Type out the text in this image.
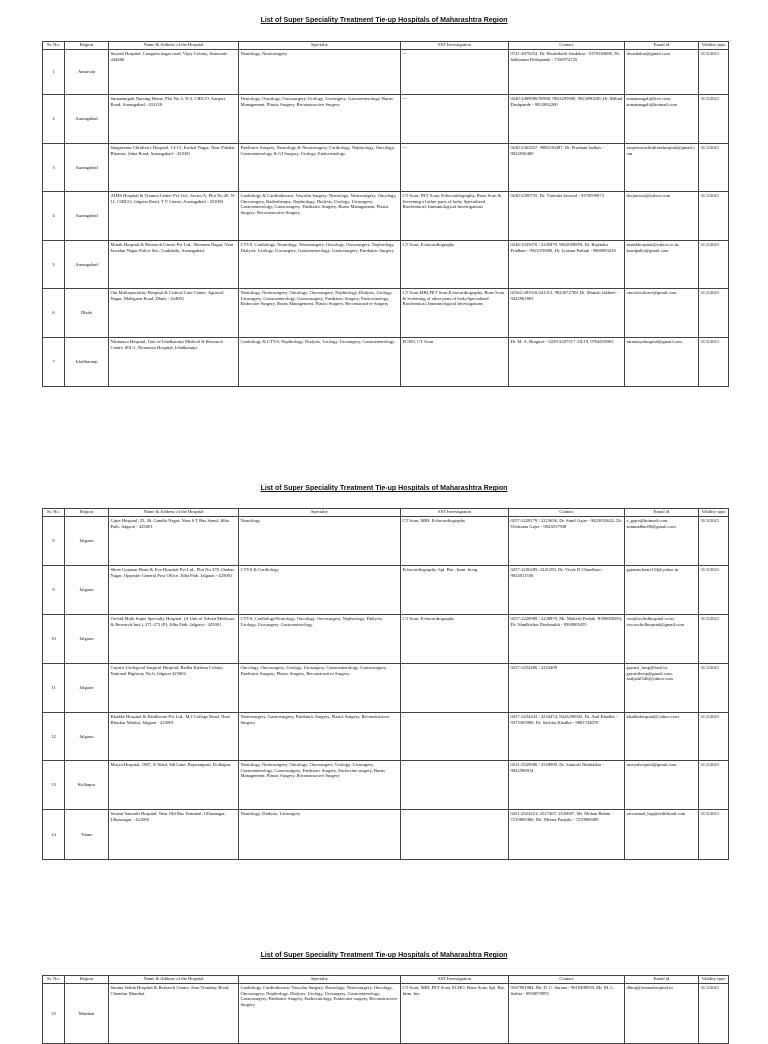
List of Super Speciality Treatment Tie-up Hospitals of Maharashtra Region
Sr. No.	Region	Name & Address of the Hospital	Specialty	SST Investigation	Contact	Email id	Validity upto
1	Amravati	Suyash Hospital, Congress nagar road, Vijay Colony, Amravati-444606	Neurology, Neurosurgery	---	0721-2679252, Dr. Hrushikesh Sasdakar - 9370184080, Dr. Sakharam Deshpande - 7350974725	drsasdakar@gmail.com	31/3/2021
2	Aurangabad	Sumanangali Nursing Home, Plot No.3, N-2, CIDCO, Aarport Road, Aurangabad - 431210	Neurology, Oncology, Oncosurgery, Urology, Urosurgery, Gastroenterology, Burns Management, Plastic Surgery, Reconstructive Surgery	---	0240-2489906/95900, 9823295900, 9823090249, Dr. Milind Deshpande - 9923002200	sumanangali@live.com, sumanangali@hotmail.com	31/3/2021
3	Aurangabad	Sangeevani Children's Hospital, 14-15, Kushal Nagar, Near Paladar Bhawan, Jalna Road, Aurangabad - 431001	Paediatric Surgery, Neurology & Neurosurgery, Cardiology, Nephrology, Oncology, Gastroenterology & GI Surgery, Urology, Endocrinology	---	0240-2363457, 9980150487, Dr. Prashant Jadhav - 9822036400	sanjeevanichildrenshospital@gmail.com	31/3/2021
4	Aurangabad	AIMS Hospital & Trauma Center Pvt Ltd., Sector A, Plot No.20, N-11, CIDCO, Jalgaon Road, T V Center, Aurangabad - 431003	Cardiology & Cardiothoracic Vascular Surgery, Neurology, Neurosurgery, Oncology, Oncosurgery, Radiotherapy, Nephrology, Dialysis, Urology, Urosurgery, Gastroenterology, Gastrosurgery, Paediatric Surgery, Burns Management, Plastic Surgery, Reconstructive Surgery	CT Scan, PET Scan, Echocardiography, Bone Scan & Screening of other parts of body, Specialized Biochemical, Immunological Investigations	0240-2390755, Dr. Virendra Jaiswal - 9370590973	drvjaiswal@yahoo.com	31/3/2021
5	Aurangabad	Manik Hospital & Research Center Pvt Ltd., Shivnam Nagar, Near Jawahar Nagar Police Stn., Garkheda, Aurangabad.	CTVS, Cardiology, Neurology, Neurosurgery, Oncology, Oncosurgery, Nephrology, Dialysis, Urology, Urosurgery, Gastroenterology, Gastrosurgery, Paediatric Surgery	CT Scan, Echocardiography	0240-2335070 / 2345879, 9822058859, Dr. Rajendra Pradhan - 9923370000, Dr. Jyotsna Pathak - 9860083210	manikhospital@yahoo.co.in, kondpallo@gmail.com	31/3/2021
6	Dhule	Om Multispeciality Hospital & Critical Care Center, Agrawal Nagar, Malegaon Road, Dhule - 424001	Neurology, Neurosurgery, Oncology, Oncosurgery, Nephrology, Dialysis, Urology, Urosurgery, Gastroenterology, Gastrosurgery, Paediatric Surgery, Endocrinology, Endocrine Surgery, Burns Management, Plastic Surgery, Reconstructive Surgery	CT Scan,MRI,PET Scan,Echocardiography, Bone Scan & Screening of other parts of body,Specialized Biochemical, Immunological Investigations	02562-283316/241313, 9823072788, Dr. Manish Jakhete - 9422961803	omcriticalcare@gmail.com	31/3/2021
7	Ichalkaranji	Niramaya Hospital, Unit of Ichalkaranji Medical & Research Centre, 801/1, Niramaya Hospital, Ichalkaranji.	Cardiology & CTVS, Nephrology, Dialysis, Urology, Urosurgery, Gastroenterology	ECHO, CT Scan	Dr. M. A. Borgave - 0230-2437517 /18/19, 9764019003	niramayahospital@gmail.com	31/3/2021
List of Super Speciality Treatment Tie-up Hospitals of Maharashtra Region
Sr. No.	Region	Name & Address of the Hospital	Specialty	SST Investigation	Contact	Email id	Validity upto
8	Jalgaon	Gajre Hospital, 25, 26, Gandhi Nagar, Near S T Bus Stand, Jilha Path, Jalgaon - 425001	Neurology	CT Scan, MRI, Echocardiography	0257-2228179 / 2223656, Dr. Sunil Gajre - 9823032622, Dr. Tilottama Gajre - 9823017938	s_gajre@hotmail.com, sunmadhav86@gmail.com	31/3/2021
9	Jalgaon	Shree Gajanan Heart & Eye Hospital Pvt Ltd., Plot No.370, Omkar Nagar, Opposite General Post Office, Jilha Path, Jalgaon - 425001	CTVS & Cardiology	Echocardiography, Spl. Bio., Imm. Invtg	0257-2236285/ 2241293, Dr. Vivek D Chaudhari - 9823011550	gajanan.heart134@yahoo.in	31/3/2021
10	Jalgaon	Orchid Multi Super Specialty Hospital, (A Unit of Advait Medicare & Research Inst.), 271-272 (P), Jilha Path, Jalgaon - 425001	CTVS, CardiologyNeurology, Oncology, Oncosurgery, Nephrology, Dialysis, Urology, Urosurgery, Gastroenterology	CT Scan, Echocardiography	0257-2228989 / 2228970, Mr. Mukesh Pathak -8390000283, Dr. Nandkishor Deshmukh - 8390005455	ceo@orchidhospital.co.in, ceo.orchidhospital@gmail.com	31/3/2021
11	Jalgaon	Gayatri Urological Surgical Hospital, Radha Krishna Colony, National Highway No.6, Jalgaon 425002	Oncology, Oncosurgery, Urology, Urosurgery, Gastroenterology, Gastrosurgery, Paediatric Surgery, Plastic Surgery, Reconstructive Surgery	-	0257-2254406 / 2254409	gayatri_hosp@bsnl.in, gayatrihosp@gmail.com, anilpatil346@yahoo.com	31/3/2021
12	Jalgaon	Khadke Hospital & Healthcare Pvt Ltd., M J College Road, Near Bhaskar Market, Jalgaon - 425001	Neurosurgery, Gastrosurgery, Paediatric Surgery, Plastic Surgery, Reconstructive Surgery	-	0257-2234443 / 2234474, 9423296945, Dr. Anil Khadke - 9373365980, Dr. Sachita Khadke - 9881744070	khadkehospital@yahoo.com	31/3/2021
13	Kolhapur	Morya Hospital, 1987, E Ward, 9th Lane, Rajarampuri, Kolhapur.	Neurology, Neurosurgery, Oncology, Oncosurgery, Urology, Urosurgery, Gastroenterology, Gastrosurgery, Paediatric Surgery, Endocrine surgery, Burns Management, Plastic Surgery, Reconstructive Surgery	-	0231-2529006 / 2529009, Dr. Santosh Nimbalkar - 9822580914	moryahospital@gmail.com	31/3/2021
14	Thane	Swami Samarth Hospital, Near Old Bus Terminal, Ulhasnagar, Ulhasnagar - 421005	Neurology, Dialysis, Urosurgery	-	0251-2524251/ 2527467/ 2520607, Mr. Mohan Balani - 7219809406, Ms. Meena Punjabi - 7219809409	sarvanand_hsp@rediffmail.com	31/3/2021
List of Super Speciality Treatment Tie-up Hospitals of Maharashtra Region
Sr. No.	Region	Name & Address of the Hospital	Specialty	SST Investigation	Contact	Email id	Validity upto
15	Mumbai	Surana Sethia Hospital & Research Centre, Sion Trombay Road, Chembur Mumbai.	Cardiology, Cardiothoracic Vascular Surgery, Neurology, Neurosurgery, Oncology, Oncosurgery, Nephrology, Dialysis, Urology, Urosurgery, Gastroenterology, Gastrosurgery, Paediatric Surgery, Endocrinology, Endocrine surgery, Reconstructive Surgery	CT Scan, MRI, PET Scan, ECHO, Bone Scan, Spl. Bio. Imm. Inv.	9167901984, Mr. D. C. Surana - 9619498559, Mr. M. L. Sethia - 9930070995	dhiraj@suranahospital.in	31/3/2021
